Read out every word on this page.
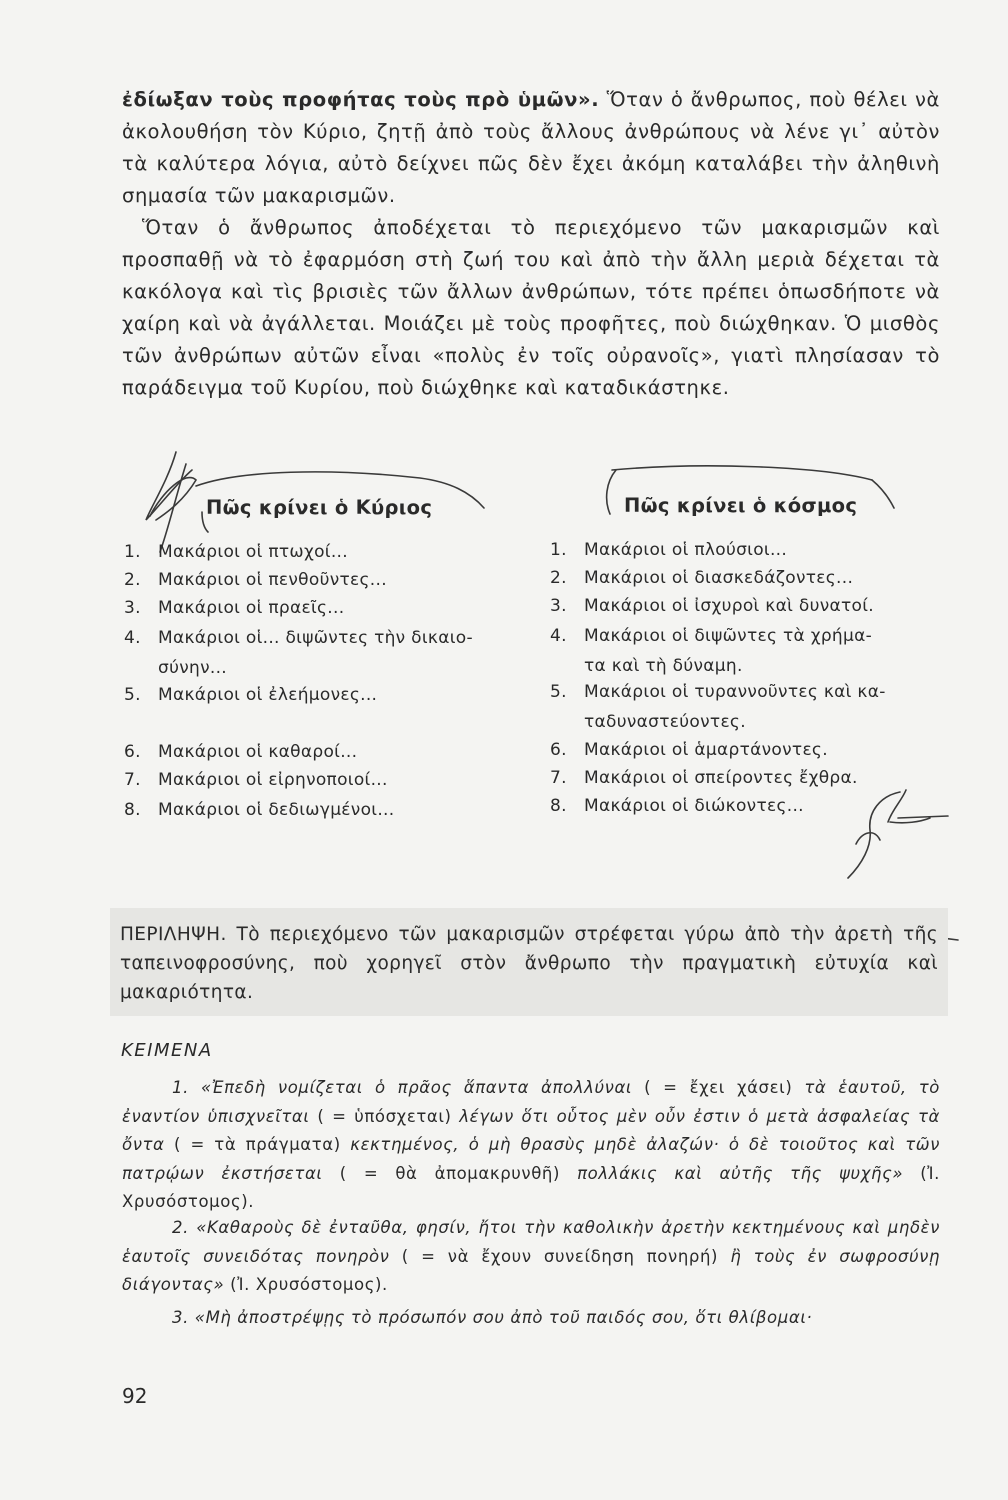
ἐδίωξαν τοὺς προφήτας τοὺς πρὸ ὑμῶν». Ὅταν ὁ ἄνθρωπος, ποὺ θέλει νὰ ἀκολουθήση τὸν Κύριο, ζητῇ ἀπὸ τοὺς ἄλλους ἀνθρώπους νὰ λένε γι᾽ αὐτὸν τὰ καλύτερα λόγια, αὐτὸ δείχνει πῶς δὲν ἔχει ἀκόμη καταλάβει τὴν ἀληθινὴ σημασία τῶν μακαρισμῶν.

Ὅταν ὁ ἄνθρωπος ἀποδέχεται τὸ περιεχόμενο τῶν μακαρισμῶν καὶ προσπαθῇ νὰ τὸ ἐφαρμόση στὴ ζωή του καὶ ἀπὸ τὴν ἄλλη μεριὰ δέχεται τὰ κακόλογα καὶ τὶς βρισιὲς τῶν ἄλλων ἀνθρώπων, τότε πρέπει ὁπωσδήποτε νὰ χαίρη καὶ νὰ ἀγάλλεται. Μοιάζει μὲ τοὺς προφῆτες, ποὺ διώχθηκαν. Ὁ μισθὸς τῶν ἀνθρώπων αὐτῶν εἶναι «πολὺς ἐν τοῖς οὐρανοῖς», γιατὶ πλησίασαν τὸ παράδειγμα τοῦ Κυρίου, ποὺ διώχθηκε καὶ καταδικάστηκε.

Πῶς κρίνει ὁ Κύριος	Πῶς κρίνει ὁ κόσμος
1.	Μακάριοι οἱ πτωχοί...
2.	Μακάριοι οἱ πενθοῦντες...
3.	Μακάριοι οἱ πραεῖς...
4.	Μακάριοι οἱ... διψῶντες τὴν δικαιο-
σύνην...
5.	Μακάριοι οἱ ἐλεήμονες...
6.	Μακάριοι οἱ καθαροί...
7.	Μακάριοι οἱ εἰρηνοποιοί...
8.	Μακάριοι οἱ δεδιωγμένοι...
1.	Μακάριοι οἱ πλούσιοι...
2.	Μακάριοι οἱ διασκεδάζοντες...
3.	Μακάριοι οἱ ἰσχυροὶ καὶ δυνατοί.
4.	Μακάριοι οἱ διψῶντες τὰ χρήμα-
τα καὶ τὴ δύναμη.
5.	Μακάριοι οἱ τυραννοῦντες καὶ κα-
ταδυναστεύοντες.
6.	Μακάριοι οἱ ἁμαρτάνοντες.
7.	Μακάριοι οἱ σπείροντες ἔχθρα.
8.	Μακάριοι οἱ διώκοντες...

ΠΕΡΙΛΗΨΗ. Τὸ περιεχόμενο τῶν μακαρισμῶν στρέφεται γύρω ἀπὸ τὴν ἀρετὴ τῆς ταπεινοφροσύνης, ποὺ χορηγεῖ στὸν ἄνθρωπο τὴν πραγματικὴ εὐτυχία καὶ μακαριότητα.

ΚΕΙΜΕΝΑ

1. «Ἐπεδὴ νομίζεται ὁ πρᾶος ἅπαντα ἀπολλύναι ( = ἔχει χάσει) τὰ ἑαυτοῦ, τὸ ἐναντίον ὑπισχνεῖται ( = ὑπόσχεται) λέγων ὅτι οὗτος μὲν οὖν ἐστιν ὁ μετὰ ἀσφαλείας τὰ ὄντα ( = τὰ πράγματα) κεκτημένος, ὁ μὴ θρασὺς μηδὲ ἀλαζών· ὁ δὲ τοιοῦτος καὶ τῶν πατρῴων ἐκστήσεται ( = θὰ ἀπομακρυνθῆ) πολλάκις καὶ αὐτῆς τῆς ψυχῆς» (Ἰ. Χρυσόστομος).

2. «Καθαροὺς δὲ ἐνταῦθα, φησίν, ἤτοι τὴν καθολικὴν ἀρετὴν κεκτημένους καὶ μηδὲν ἑαυτοῖς συνειδότας πονηρὸν ( = νὰ ἔχουν συνείδηση πονηρή) ἢ τοὺς ἐν σωφροσύνῃ διάγοντας» (Ἰ. Χρυσόστομος).

3. «Μὴ ἀποστρέψῃς τὸ πρόσωπόν σου ἀπὸ τοῦ παιδός σου, ὅτι θλίβομαι·

92
